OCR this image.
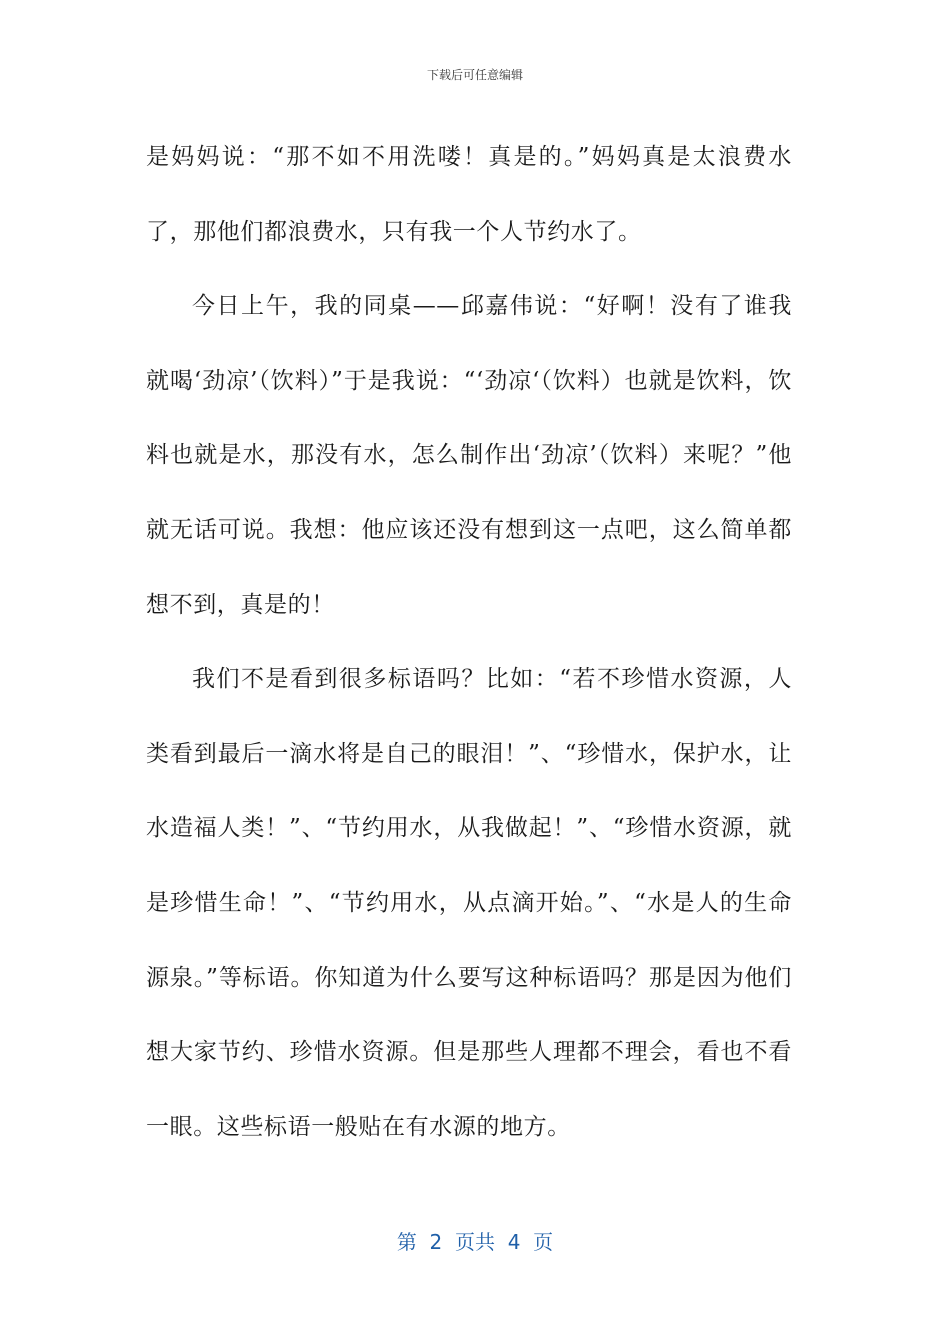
下载后可任意编辑

是妈妈说：“那不如不用洗喽！真是的。”妈妈真是太浪费水了，那他们都浪费水，只有我一个人节约水了。

今日上午，我的同桌——邱嘉伟说：“好啊！没有了谁我就喝‘劲凉’（饮料）”于是我说：“‘劲凉‘（饮料）也就是饮料，饮料也就是水，那没有水，怎么制作出‘劲凉’（饮料）来呢？”他就无话可说。我想：他应该还没有想到这一点吧，这么简单都想不到，真是的！

我们不是看到很多标语吗？比如：“若不珍惜水资源，人类看到最后一滴水将是自己的眼泪！”、“珍惜水，保护水，让水造福人类！”、“节约用水，从我做起！”、“珍惜水资源，就是珍惜生命！”、“节约用水，从点滴开始。”、“水是人的生命源泉。”等标语。你知道为什么要写这种标语吗？那是因为他们想大家节约、珍惜水资源。但是那些人理都不理会，看也不看一眼。这些标语一般贴在有水源的地方。

第  2  页共  4  页
